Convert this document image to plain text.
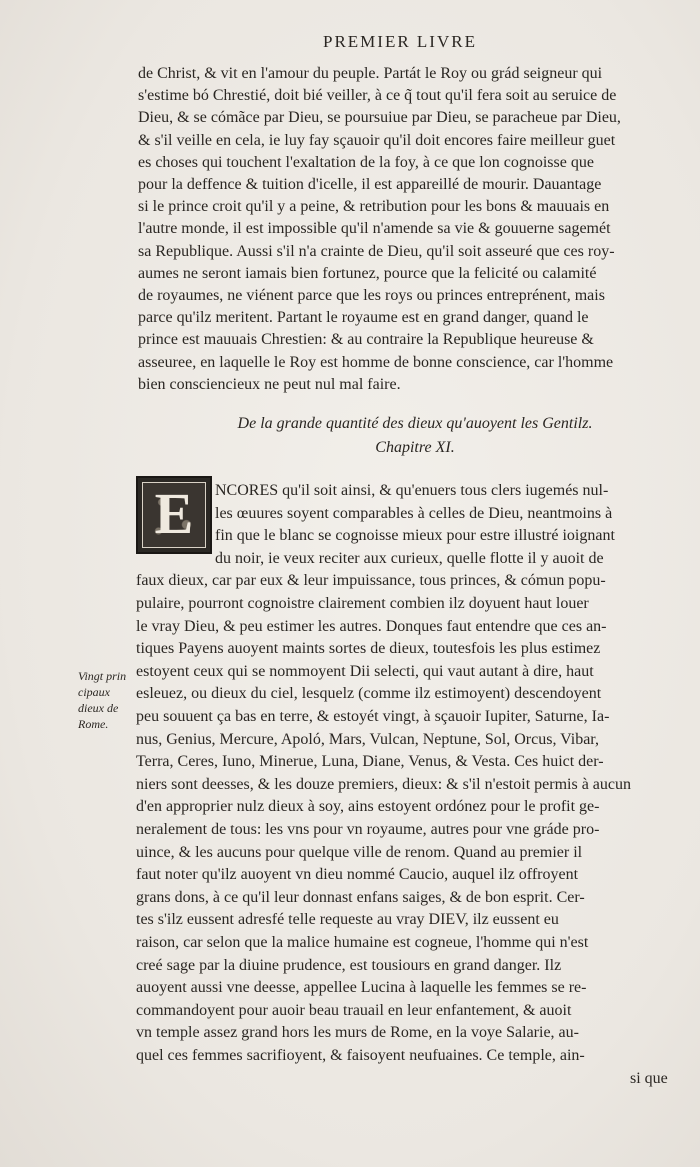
PREMIER LIVRE
de Christ, & vit en l'amour du peuple. Partát le Roy ou grád seigneur qui
s'estime bó Chrestié, doit bié veiller, à ce q̃ tout qu'il fera soit au seruice de
Dieu, & se cómãce par Dieu, se poursuiue par Dieu, se paracheue par Dieu,
& s'il veille en cela, ie luy fay sçauoir qu'il doit encores faire meilleur guet
es choses qui touchent l'exaltation de la foy, à ce que lon cognoisse que
pour la deffence & tuition d'icelle, il est appareillé de mourir. Dauantage
si le prince croit qu'il y a peine, & retribution pour les bons & mauuais en
l'autre monde, il est impossible qu'il n'amende sa vie & gouuerne sagemét
sa Republique. Aussi s'il n'a crainte de Dieu, qu'il soit asseuré que ces roy-
aumes ne seront iamais bien fortunez, pource que la felicité ou calamité
de royaumes, ne viénent parce que les roys ou princes entreprénent, mais
parce qu'ilz meritent. Partant le royaume est en grand danger, quand le
prince est mauuais Chrestien: & au contraire la Republique heureuse &
asseuree, en laquelle le Roy est homme de bonne conscience, car l'homme
bien consciencieux ne peut nul mal faire.
De la grande quantité des dieux qu'auoyent les Gentilz.
Chapitre XI.
E	NCORES qu'il soit ainsi, & qu'enuers tous clers iugemés nul-
les œuures soyent comparables à celles de Dieu, neantmoins à
fin que le blanc se cognoisse mieux pour estre illustré ioignant
du noir, ie veux reciter aux curieux, quelle flotte il y auoit de
faux dieux, car par eux & leur impuissance, tous princes, & cómun popu-
pulaire, pourront cognoistre clairement combien ilz doyuent haut louer
le vray Dieu, & peu estimer les autres. Donques faut entendre que ces an-
tiques Payens auoyent maints sortes de dieux, toutesfois les plus estimez
estoyent ceux qui se nommoyent Dii selecti, qui vaut autant à dire, haut
esleuez, ou dieux du ciel, lesquelz (comme ilz estimoyent) descendoyent
peu souuent ça bas en terre, & estoyét vingt, à sçauoir Iupiter, Saturne, Ia-
nus, Genius, Mercure, Apoló, Mars, Vulcan, Neptune, Sol, Orcus, Vibar,
Terra, Ceres, Iuno, Minerue, Luna, Diane, Venus, & Vesta. Ces huict der-
niers sont deesses, & les douze premiers, dieux: & s'il n'estoit permis à aucun
d'en approprier nulz dieux à soy, ains estoyent ordónez pour le profit ge-
neralement de tous: les vns pour vn royaume, autres pour vne gráde pro-
uince, & les aucuns pour quelque ville de renom. Quand au premier il
faut noter qu'ilz auoyent vn dieu nommé Caucio, auquel ilz offroyent
grans dons, à ce qu'il leur donnast enfans saiges, & de bon esprit. Cer-
tes s'ilz eussent adresfé telle requeste au vray DIEV, ilz eussent eu
raison, car selon que la malice humaine est cogneue, l'homme qui n'est
creé sage par la diuine prudence, est tousiours en grand danger. Ilz
auoyent aussi vne deesse, appellee Lucina à laquelle les femmes se re-
commandoyent pour auoir beau trauail en leur enfantement, & auoit
vn temple assez grand hors les murs de Rome, en la voye Salarie, au-
quel ces femmes sacrifioyent, & faisoyent neufuaines. Ce temple, ain-
si que
Vingt prin
cipaux
dieux de
Rome.
